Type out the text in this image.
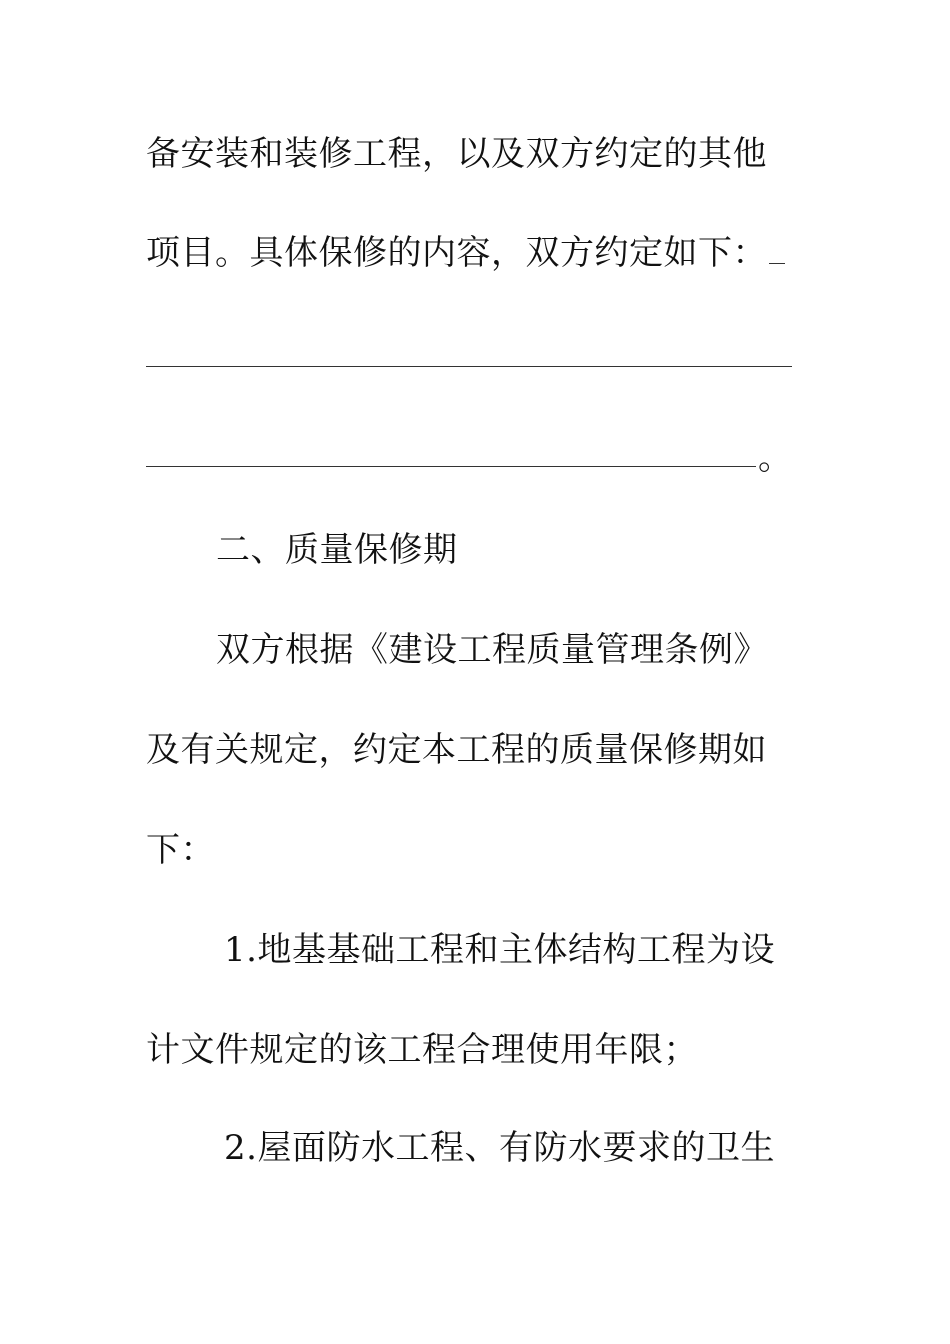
备安装和装修工程，以及双方约定的其他
项目。具体保修的内容，双方约定如下：
。
二、质量保修期
双方根据《建设工程质量管理条例》
及有关规定，约定本工程的质量保修期如
下：
1.地基基础工程和主体结构工程为设
计文件规定的该工程合理使用年限；
2.屋面防水工程、有防水要求的卫生
